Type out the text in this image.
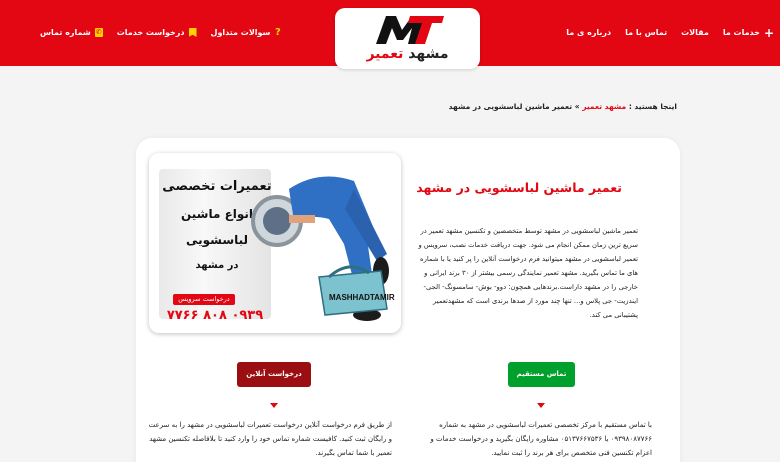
+
خدمات ما
مقالات
تماس با ما
درباره ی ما
?
سوالات متداول
درخواست خدمات
✆
شماره تماس
مشهد تعمیر
اینجا هستید : مشهد تعمیر » تعمیر ماشین لباسشویی در مشهد
تعمیرات تخصصی
انواع ماشین
لباسشویی
در مشهد
درخواست سرویس
۰۹۳۹ ۸۰۸ ۷۷۶۶
MASHHADTAMIR
تعمیر ماشین لباسشویی در مشهد
تعمیر ماشین لباسشویی در مشهد توسط متخصصین و تکنسین مشهد تعمیر در سریع ترین زمان ممکن انجام می شود. جهت دریافت خدمات نصب، سرویس و تعمیر لباسشویی در مشهد میتوانید فرم درخواست آنلاین را پر کنید یا با شماره های ما تماس بگیرید. مشهد تعمیر نمایندگی رسمی بیشتر از ۳۰ برند ایرانی و خارجی را در مشهد داراست.برندهایی همچون: دوو- بوش- سامسونگ- الجی- ایندزیت- جی پلاس و... تنها چند مورد از صدها برندی است که مشهدتعمیر پشتیبانی می کند.
تماس مستقیم
درخواست آنلاین
با تماس مستقیم با مرکز تخصصی تعمیرات لباسشویی در مشهد به شماره ۰۹۳۹۸۰۸۷۷۶۶ یا ۰۵۱۳۷۶۶۷۵۳۶ مشاوره رایگان بگیرید و درخواست خدمات و اعزام تکنسین فنی متخصص برای هر برند را ثبت نمایید.
از طریق فرم درخواست آنلاین درخواست تعمیرات لباسشویی در مشهد را به سرعت و رایگان ثبت کنید. کافیست شماره تماس خود را وارد کنید تا بلافاصله تکنسین مشهد تعمیر با شما تماس بگیرند.
